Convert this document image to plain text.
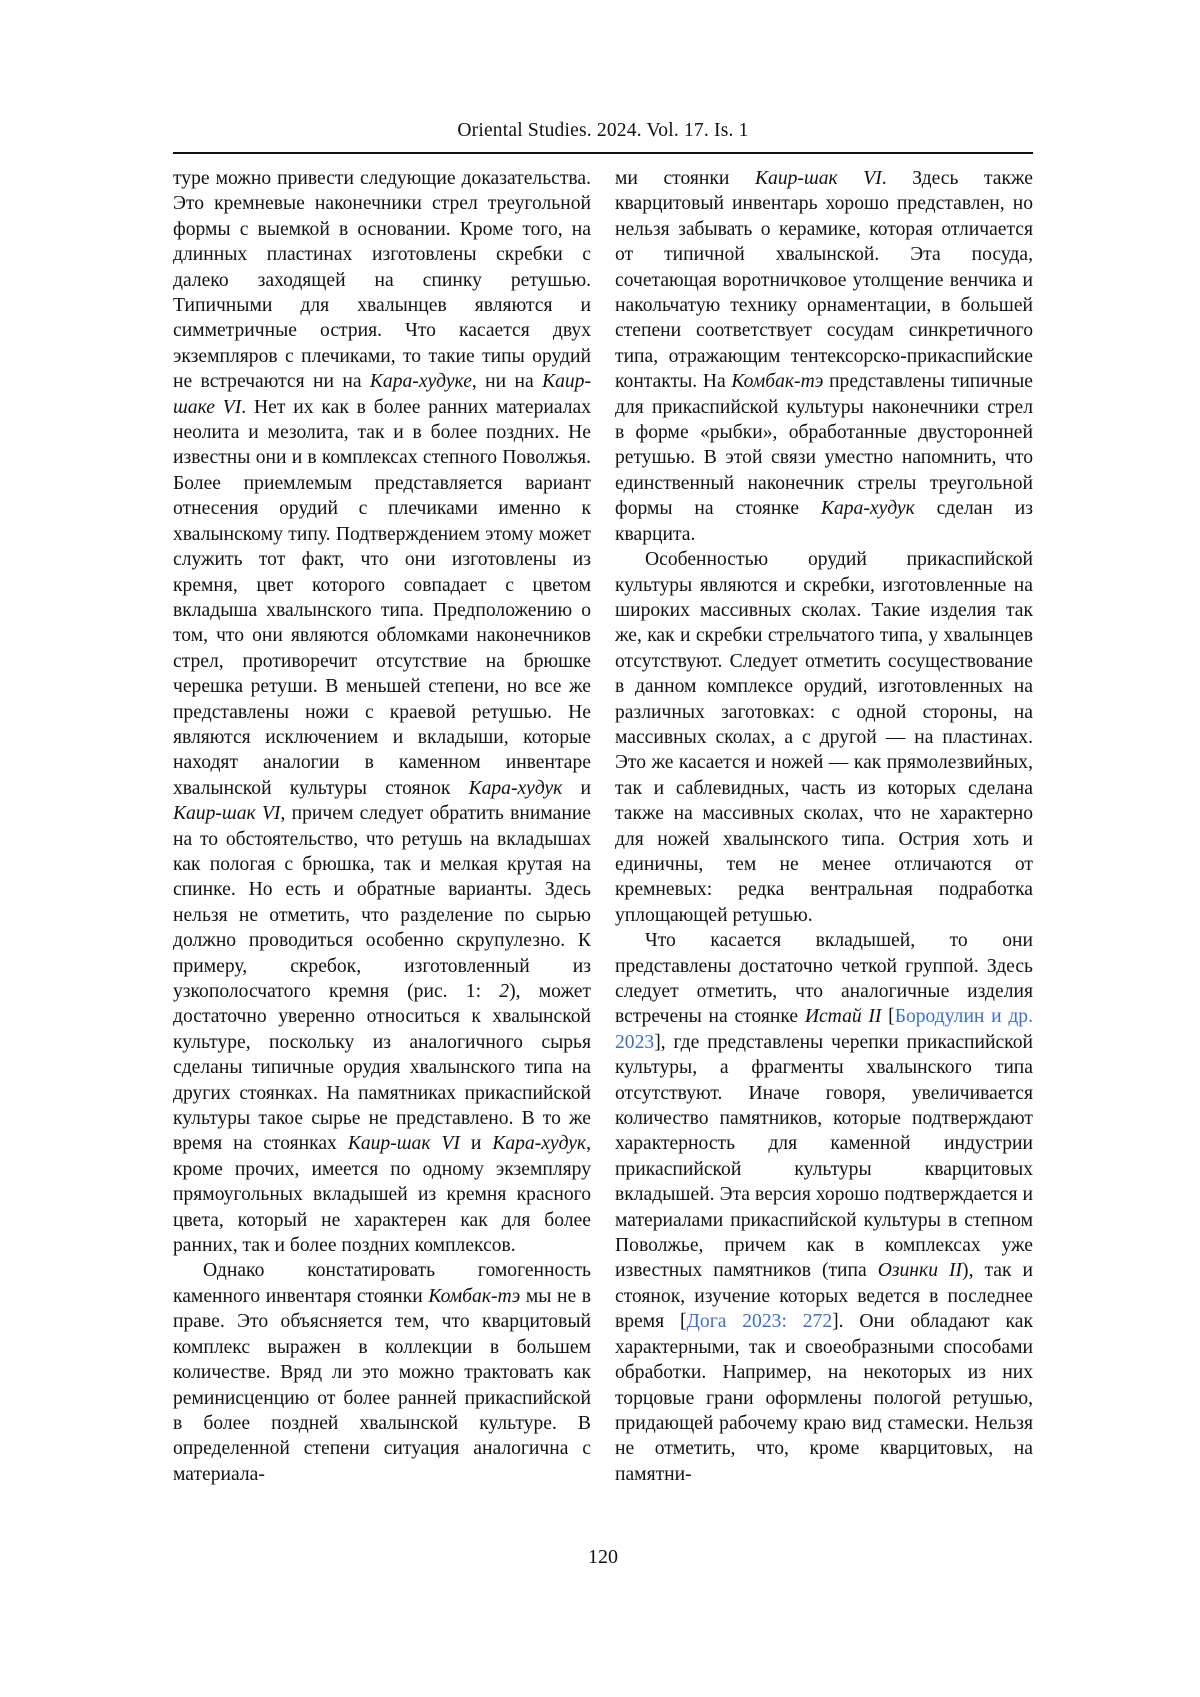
Oriental Studies. 2024. Vol. 17. Is. 1

туре можно привести следующие доказательства. Это кремневые наконечники стрел треугольной формы с выемкой в основании. Кроме того, на длинных пластинах изготовлены скребки с далеко заходящей на спинку ретушью. Типичными для хвалынцев являются и симметричные острия. Что касается двух экземпляров с плечиками, то такие типы орудий не встречаются ни на Кара-худуке, ни на Каир-шаке VI. Нет их как в более ранних материалах неолита и мезолита, так и в более поздних. Не известны они и в комплексах степного Поволжья. Более приемлемым представляется вариант отнесения орудий с плечиками именно к хвалынскому типу. Подтверждением этому может служить тот факт, что они изготовлены из кремня, цвет которого совпадает с цветом вкладыша хвалынского типа. Предположению о том, что они являются обломками наконечников стрел, противоречит отсутствие на брюшке черешка ретуши. В меньшей степени, но все же представлены ножи с краевой ретушью. Не являются исключением и вкладыши, которые находят аналогии в каменном инвентаре хвалынской культуры стоянок Кара-худук и Каир-шак VI, причем следует обратить внимание на то обстоятельство, что ретушь на вкладышах как пологая с брюшка, так и мелкая крутая на спинке. Но есть и обратные варианты. Здесь нельзя не отметить, что разделение по сырью должно проводиться особенно скрупулезно. К примеру, скребок, изготовленный из узкополосчатого кремня (рис. 1: 2), может достаточно уверенно относиться к хвалынской культуре, поскольку из аналогичного сырья сделаны типичные орудия хвалынского типа на других стоянках. На памятниках прикаспийской культуры такое сырье не представлено. В то же время на стоянках Каир-шак VI и Кара-худук, кроме прочих, имеется по одному экземпляру прямоугольных вкладышей из кремня красного цвета, который не характерен как для более ранних, так и более поздних комплексов.

Однако констатировать гомогенность каменного инвентаря стоянки Комбак-тэ мы не в праве. Это объясняется тем, что кварцитовый комплекс выражен в коллекции в большем количестве. Вряд ли это можно трактовать как реминисценцию от более ранней прикаспийской в более поздней хвалынской культуре. В определенной степени ситуация аналогична с материала-

ми стоянки Каир-шак VI. Здесь также кварцитовый инвентарь хорошо представлен, но нельзя забывать о керамике, которая отличается от типичной хвалынской. Эта посуда, сочетающая воротничковое утолщение венчика и накольчатую технику орнаментации, в большей степени соответствует сосудам синкретичного типа, отражающим тентексорско-прикаспийские контакты. На Комбак-тэ представлены типичные для прикаспийской культуры наконечники стрел в форме «рыбки», обработанные двусторонней ретушью. В этой связи уместно напомнить, что единственный наконечник стрелы треугольной формы на стоянке Кара-худук сделан из кварцита.

Особенностью орудий прикаспийской культуры являются и скребки, изготовленные на широких массивных сколах. Такие изделия так же, как и скребки стрельчатого типа, у хвалынцев отсутствуют. Следует отметить сосуществование в данном комплексе орудий, изготовленных на различных заготовках: с одной стороны, на массивных сколах, а с другой — на пластинах. Это же касается и ножей — как прямолезвийных, так и саблевидных, часть из которых сделана также на массивных сколах, что не характерно для ножей хвалынского типа. Острия хоть и единичны, тем не менее отличаются от кремневых: редка вентральная подработка уплощающей ретушью.

Что касается вкладышей, то они представлены достаточно четкой группой. Здесь следует отметить, что аналогичные изделия встречены на стоянке Истай II [Бородулин и др. 2023], где представлены черепки прикаспийской культуры, а фрагменты хвалынского типа отсутствуют. Иначе говоря, увеличивается количество памятников, которые подтверждают характерность для каменной индустрии прикаспийской культуры кварцитовых вкладышей. Эта версия хорошо подтверждается и материалами прикаспийской культуры в степном Поволжье, причем как в комплексах уже известных памятников (типа Озинки II), так и стоянок, изучение которых ведется в последнее время [Дога 2023: 272]. Они обладают как характерными, так и своеобразными способами обработки. Например, на некоторых из них торцовые грани оформлены пологой ретушью, придающей рабочему краю вид стамески. Нельзя не отметить, что, кроме кварцитовых, на памятни-

120
